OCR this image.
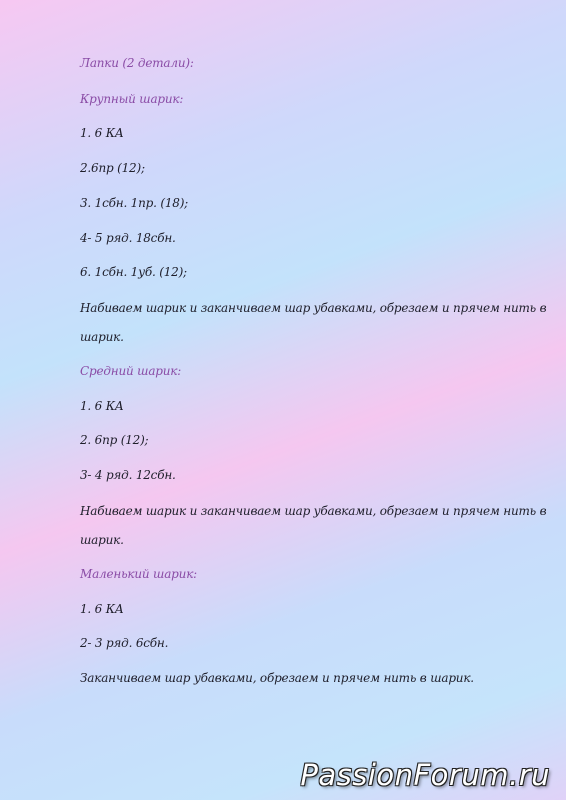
Лапки (2 детали):
Крупный шарик:
1. 6 КА
2.6пр (12);
3. 1сбн. 1пр. (18);
4- 5 ряд. 18сбн.
6. 1сбн. 1уб. (12);
Набиваем шарик и заканчиваем шар убавками, обрезаем и прячем нить в
шарик.
Средний шарик:
1. 6 КА
2. 6пр (12);
3- 4 ряд. 12сбн.
Набиваем шарик и заканчиваем шар убавками, обрезаем и прячем нить в
шарик.
Маленький шарик:
1. 6 КА
2- 3 ряд. 6сбн.
Заканчиваем шар убавками, обрезаем и прячем нить в шарик.
PassionForum.ru
